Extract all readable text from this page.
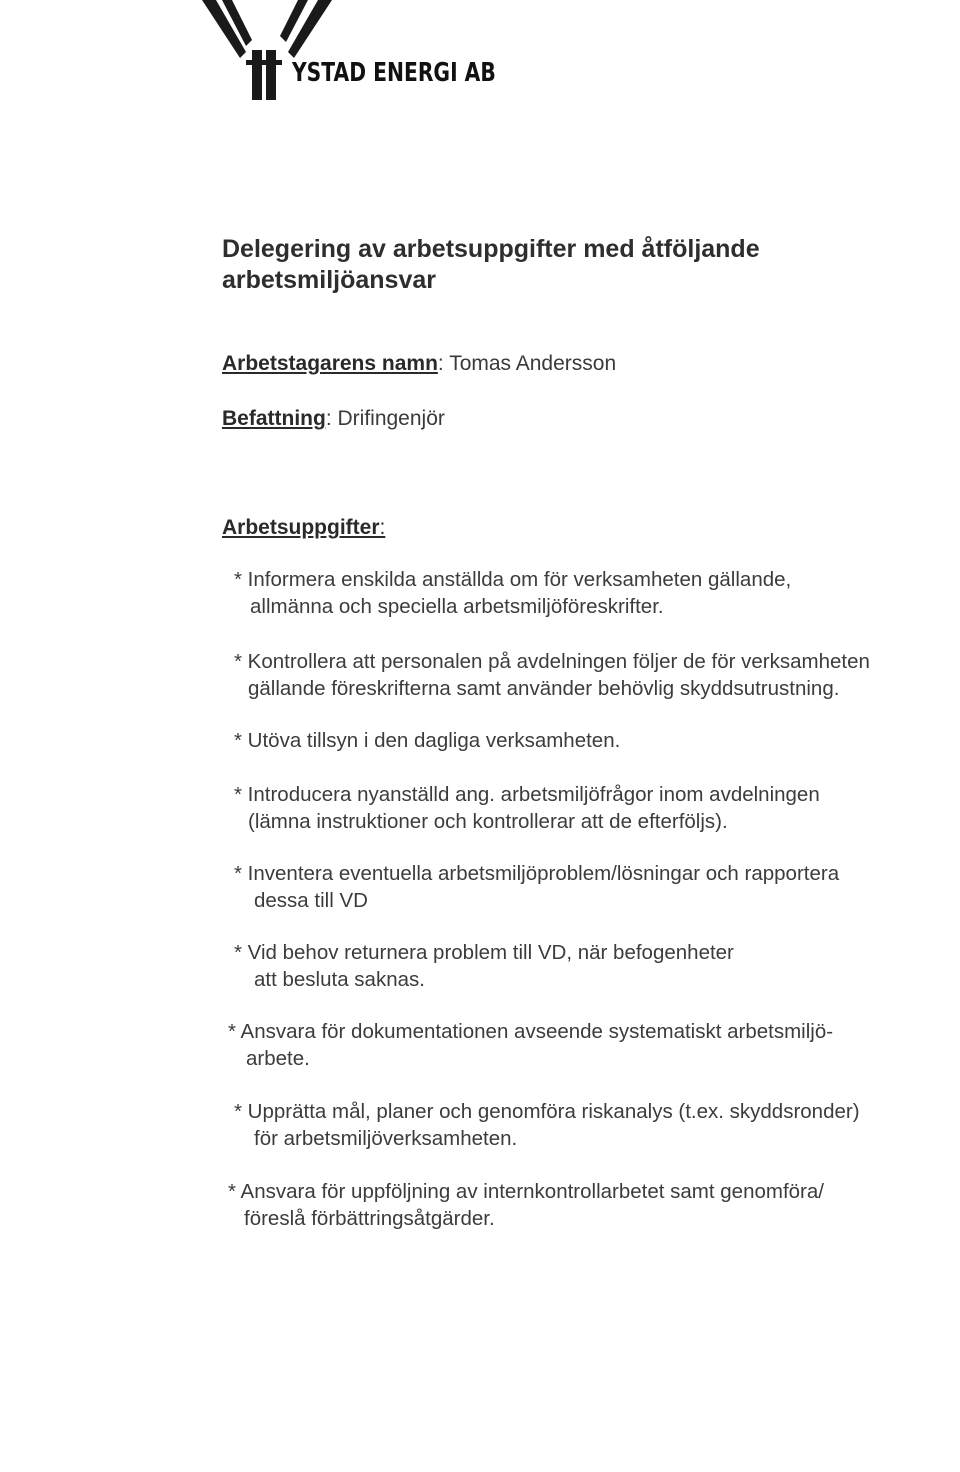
YSTAD ENERGI AB
Delegering av arbetsuppgifter med åtföljande arbetsmiljöansvar
Arbetstagarens namn: Tomas Andersson
Befattning: Drifingenjör
Arbetsuppgifter:
* Informera enskilda anställda om för verksamheten gällande,
allmänna och speciella arbetsmiljöföreskrifter.
* Kontrollera att personalen på avdelningen följer de för verksamheten
gällande föreskrifterna samt använder behövlig skyddsutrustning.
* Utöva tillsyn i den dagliga verksamheten.
* Introducera nyanställd ang. arbetsmiljöfrågor inom avdelningen
(lämna instruktioner och kontrollerar att de efterföljs).
* Inventera eventuella arbetsmiljöproblem/lösningar och rapportera
dessa till VD
* Vid behov returnera problem till VD, när befogenheter
att besluta saknas.
* Ansvara för dokumentationen avseende systematiskt arbetsmiljö-
arbete.
* Upprätta mål, planer och genomföra riskanalys (t.ex. skyddsronder)
för arbetsmiljöverksamheten.
* Ansvara för uppföljning av internkontrollarbetet samt genomföra/
föreslå förbättringsåtgärder.
